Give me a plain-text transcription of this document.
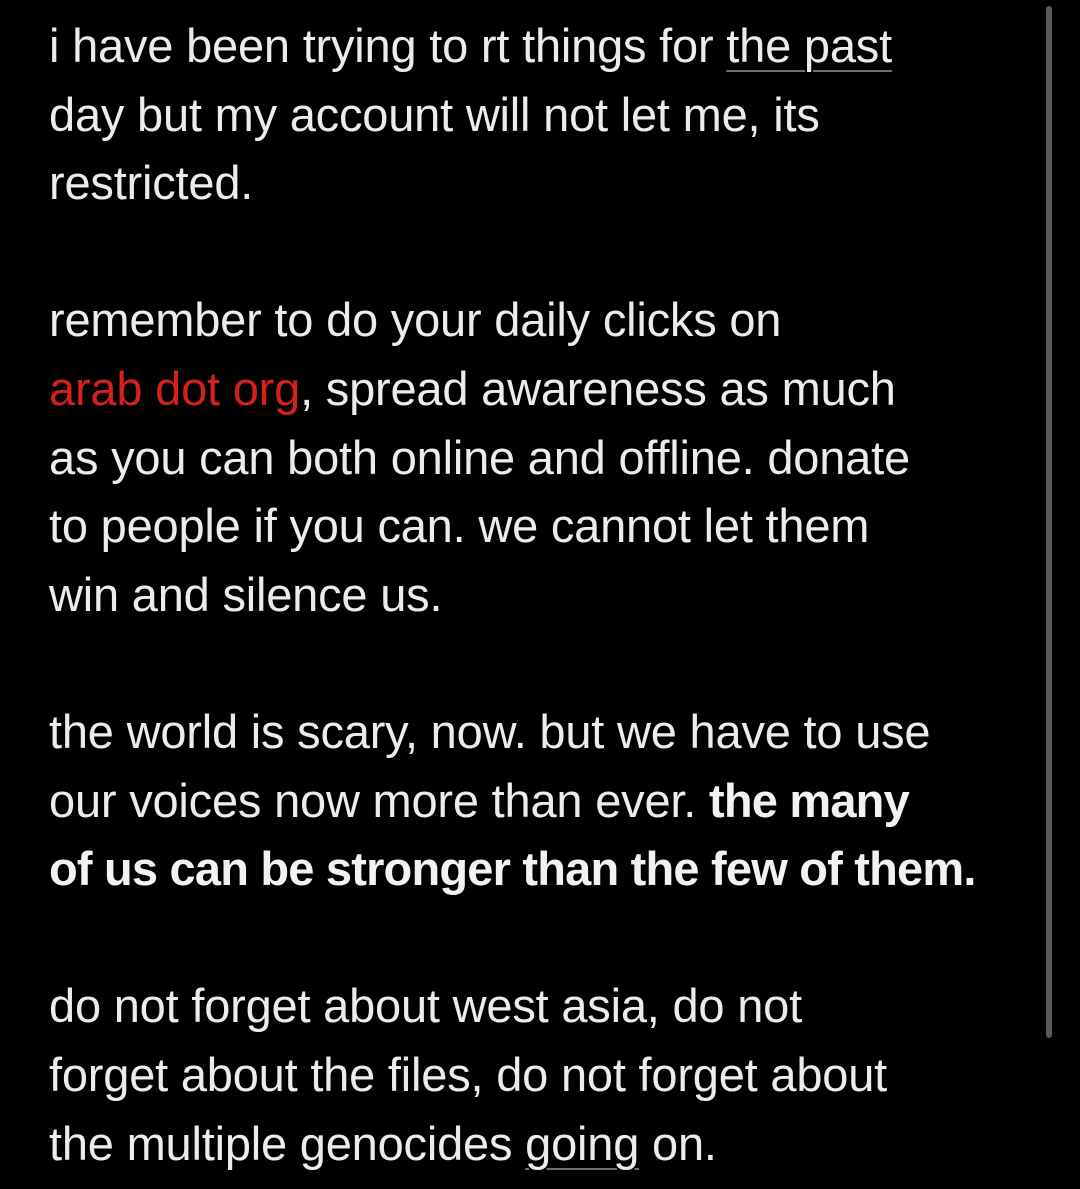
i have been trying to rt things for the past
day but my account will not let me, its
restricted.

remember to do your daily clicks on
arab dot org, spread awareness as much
as you can both online and offline. donate
to people if you can. we cannot let them
win and silence us.

the world is scary, now. but we have to use
our voices now more than ever. the many
of us can be stronger than the few of them.

do not forget about west asia, do not
forget about the files, do not forget about
the multiple genocides going on.
